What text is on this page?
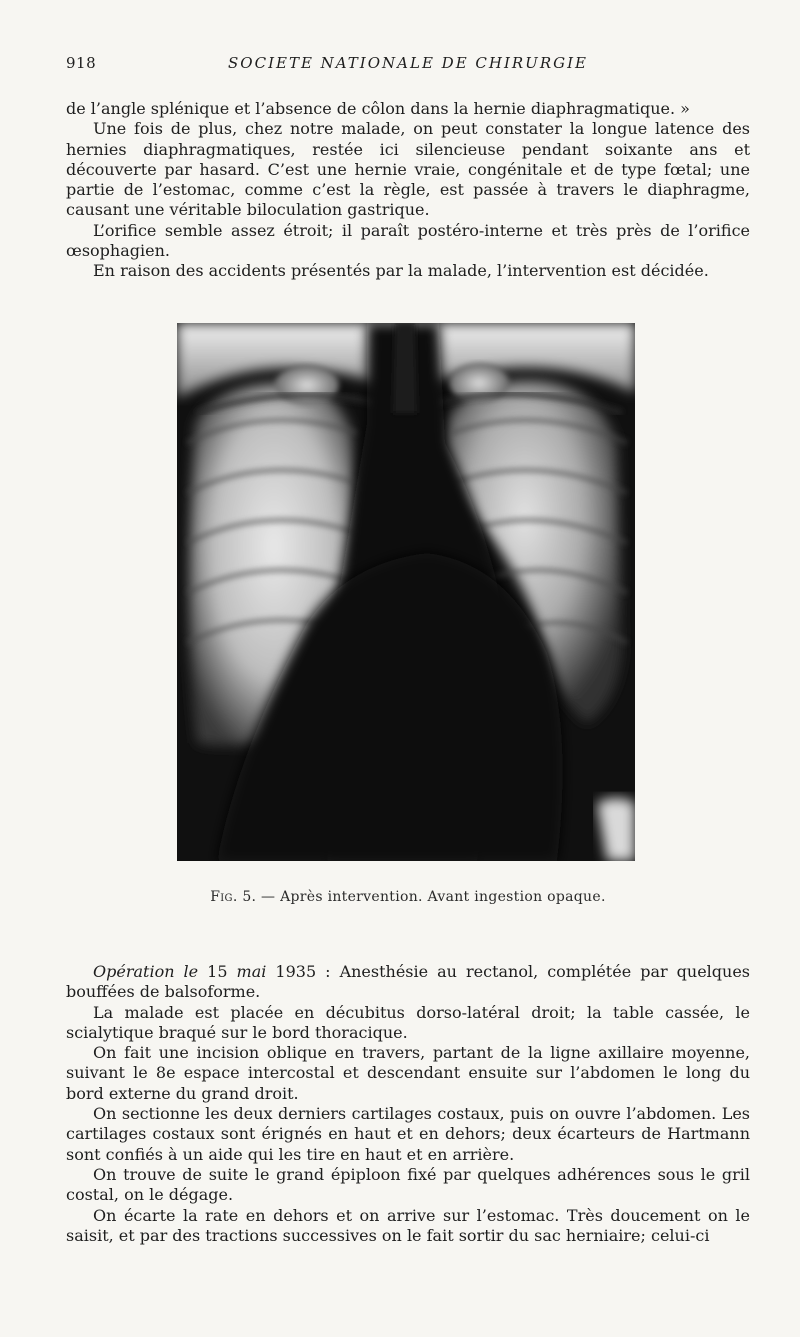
918	SOCIETE NATIONALE DE CHIRURGIE

de l’angle splénique et l’absence de côlon dans la hernie diaphragmatique. »

Une fois de plus, chez notre malade, on peut constater la longue latence des hernies diaphragmatiques, restée ici silencieuse pendant soixante ans et découverte par hasard. C’est une hernie vraie, congénitale et de type fœtal; une partie de l’estomac, comme c’est la règle, est passée à travers le diaphragme, causant une véritable biloculation gastrique.

L’orifice semble assez étroit; il paraît postéro-interne et très près de l’orifice œsophagien.

En raison des accidents présentés par la malade, l’intervention est décidée.

Fig. 5. — Après intervention. Avant ingestion opaque.

Opération le 15 mai 1935 : Anesthésie au rectanol, complétée par quelques bouffées de balsoforme.

La malade est placée en décubitus dorso-latéral droit; la table cassée, le scialytique braqué sur le bord thoracique.

On fait une incision oblique en travers, partant de la ligne axillaire moyenne, suivant le 8e espace intercostal et descendant ensuite sur l’abdomen le long du bord externe du grand droit.

On sectionne les deux derniers cartilages costaux, puis on ouvre l’abdomen. Les cartilages costaux sont érignés en haut et en dehors; deux écarteurs de Hartmann sont confiés à un aide qui les tire en haut et en arrière.

On trouve de suite le grand épiploon fixé par quelques adhérences sous le gril costal, on le dégage.

On écarte la rate en dehors et on arrive sur l’estomac. Très doucement on le saisit, et par des tractions successives on le fait sortir du sac herniaire; celui-ci
